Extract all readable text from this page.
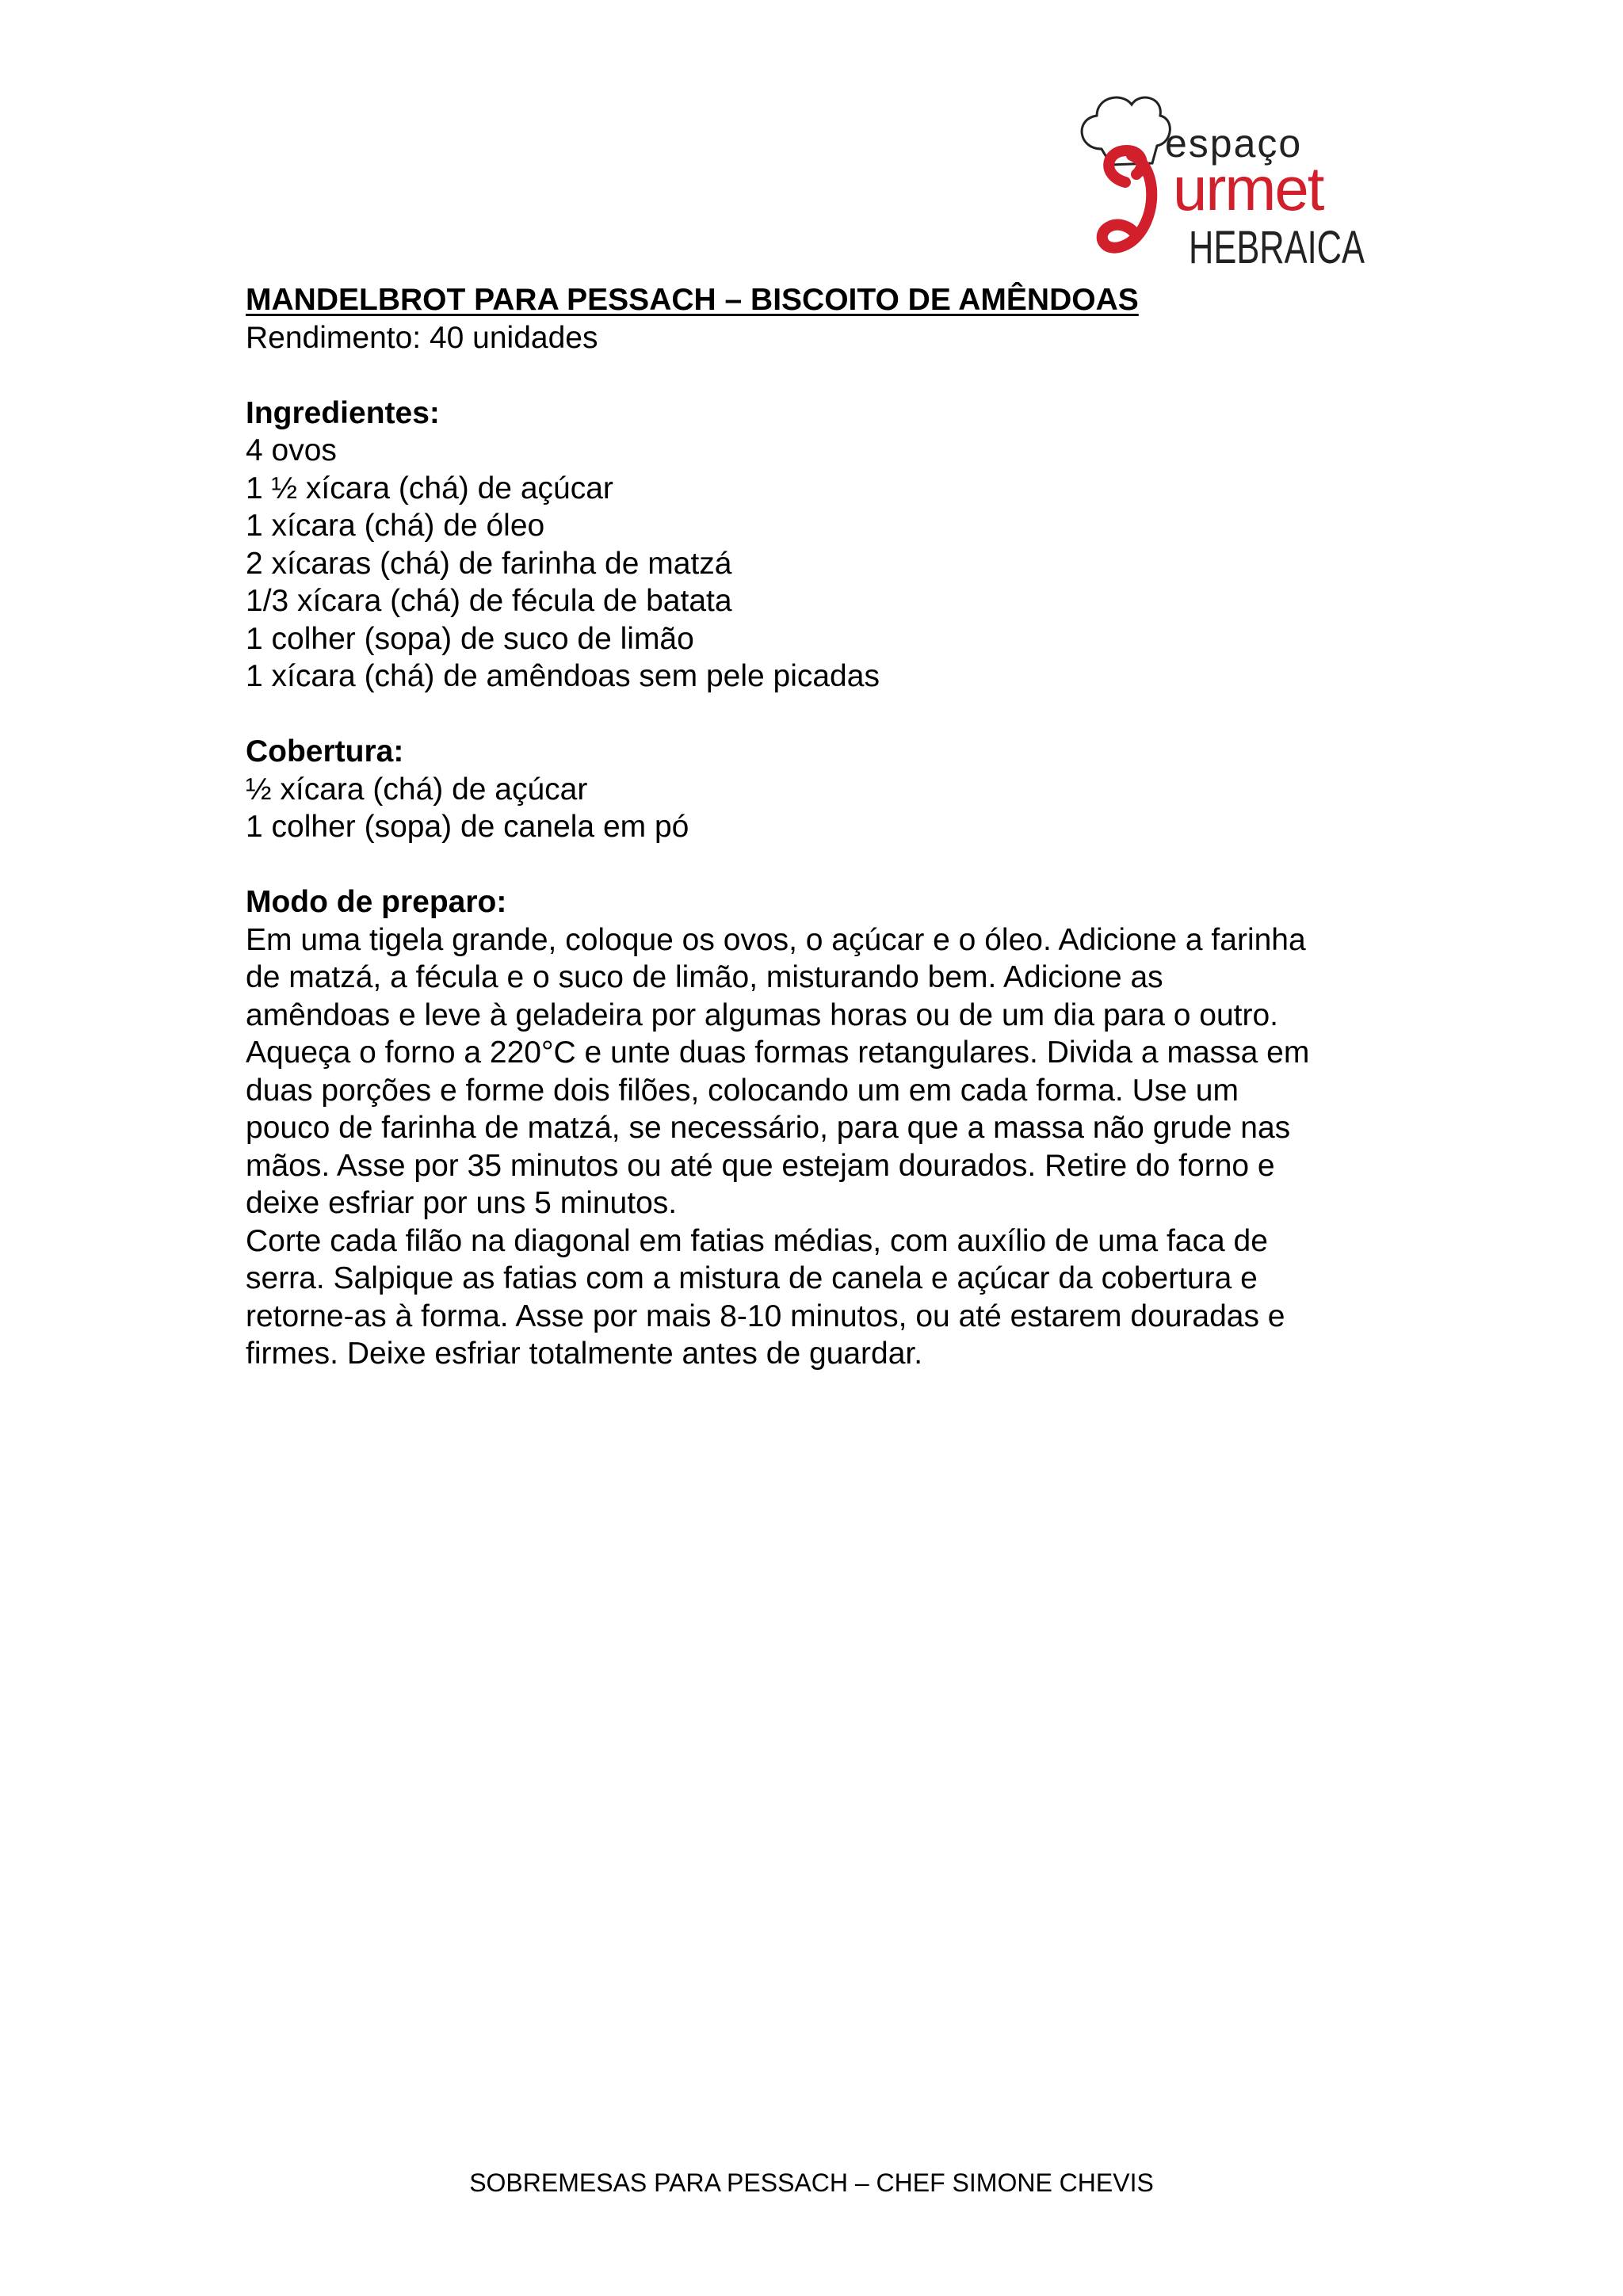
espaço
urmet
HEBRAICA
MANDELBROT PARA PESSACH – BISCOITO DE AMÊNDOAS
Rendimento: 40 unidades
Ingredientes:
4 ovos
1 ½ xícara (chá) de açúcar
1 xícara (chá) de óleo
2 xícaras (chá) de farinha de matzá
1/3 xícara (chá) de fécula de batata
1 colher (sopa) de suco de limão
1 xícara (chá) de amêndoas sem pele picadas
Cobertura:
½ xícara (chá) de açúcar
1 colher (sopa) de canela em pó
Modo de preparo:
Em uma tigela grande, coloque os ovos, o açúcar e o óleo. Adicione a farinha
de matzá, a fécula e o suco de limão, misturando bem. Adicione as
amêndoas e leve à geladeira por algumas horas ou de um dia para o outro.
Aqueça o forno a 220°C e unte duas formas retangulares. Divida a massa em
duas porções e forme dois filões, colocando um em cada forma. Use um
pouco de farinha de matzá, se necessário, para que a massa não grude nas
mãos. Asse por 35 minutos ou até que estejam dourados. Retire do forno e
deixe esfriar por uns 5 minutos.
Corte cada filão na diagonal em fatias médias, com auxílio de uma faca de
serra. Salpique as fatias com a mistura de canela e açúcar da cobertura e
retorne-as à forma. Asse por mais 8-10 minutos, ou até estarem douradas e
firmes. Deixe esfriar totalmente antes de guardar.
SOBREMESAS PARA PESSACH – CHEF SIMONE CHEVIS
